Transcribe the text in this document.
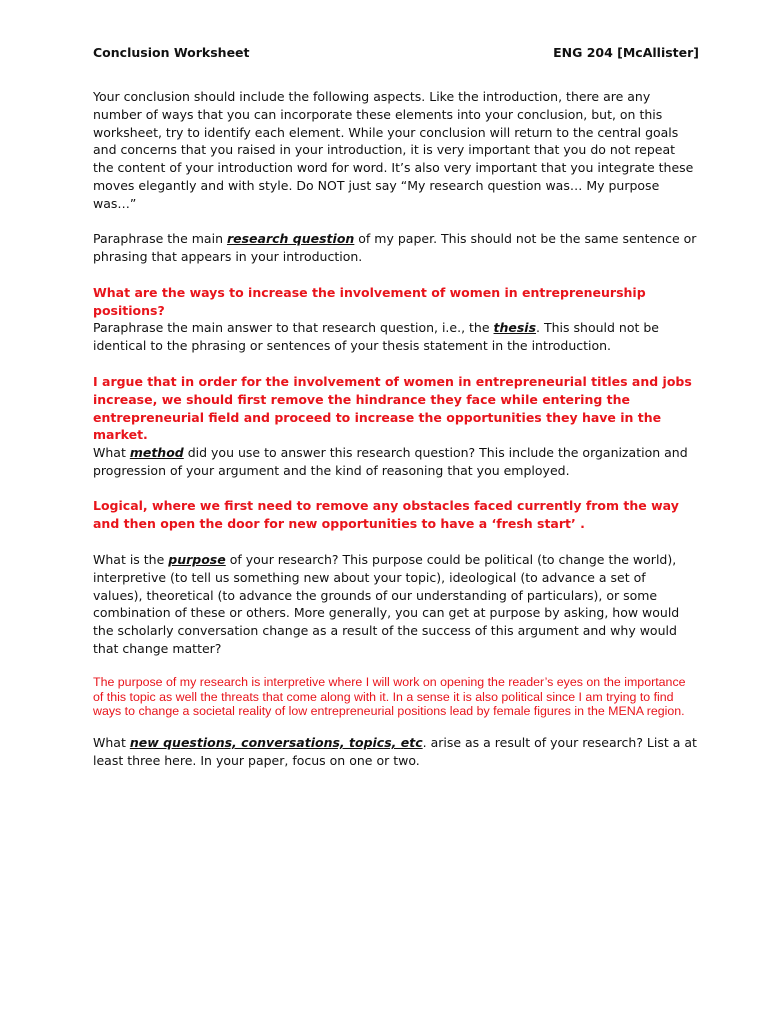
Conclusion Worksheet	ENG 204 [McAllister]

Your conclusion should include the following aspects. Like the introduction, there are any number of ways that you can incorporate these elements into your conclusion, but, on this worksheet, try to identify each element. While your conclusion will return to the central goals and concerns that you raised in your introduction, it is very important that you do not repeat the content of your introduction word for word. It’s also very important that you integrate these moves elegantly and with style. Do NOT just say “My research question was… My purpose was…”

Paraphrase the main research question of my paper. This should not be the same sentence or phrasing that appears in your introduction.

What are the ways to increase the involvement of women in entrepreneurship positions?

Paraphrase the main answer to that research question, i.e., the thesis. This should not be identical to the phrasing or sentences of your thesis statement in the introduction.

I argue that in order for the involvement of women in entrepreneurial titles and jobs increase, we should first remove the hindrance they face while entering the entrepreneurial field and proceed to increase the opportunities they have in the market.

What method did you use to answer this research question? This include the organization and progression of your argument and the kind of reasoning that you employed.

Logical, where we first need to remove any obstacles faced currently from the way and then open the door for new opportunities to have a ‘fresh start’ .

What is the purpose of your research? This purpose could be political (to change the world), interpretive (to tell us something new about your topic), ideological (to advance a set of values), theoretical (to advance the grounds of our understanding of particulars), or some combination of these or others. More generally, you can get at purpose by asking, how would the scholarly conversation change as a result of the success of this argument and why would that change matter?

The purpose of my research is interpretive where I will work on opening the reader’s eyes on the importance of this topic as well the threats that come along with it. In a sense it is also political since I am trying to find ways to change a societal reality of low entrepreneurial positions lead by female figures in the MENA region.

What new questions, conversations, topics, etc. arise as a result of your research? List a at least three here. In your paper, focus on one or two.
